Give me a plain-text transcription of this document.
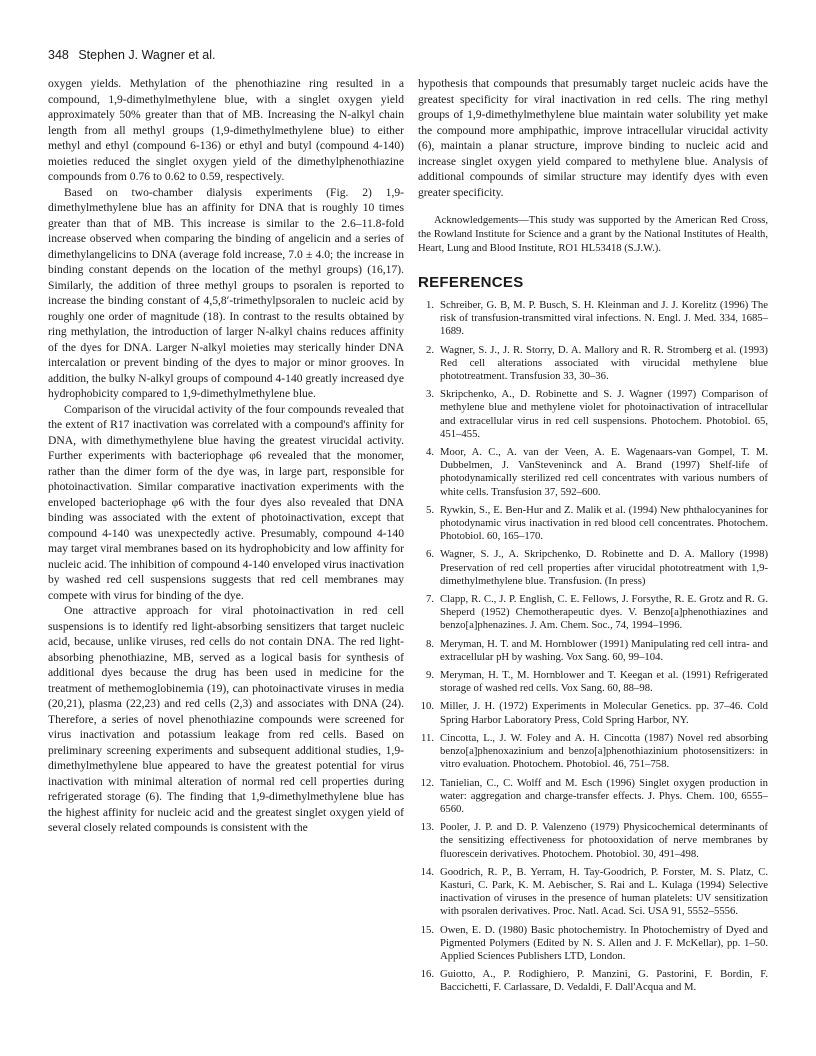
348 Stephen J. Wagner et al.

oxygen yields. Methylation of the phenothiazine ring resulted in a compound, 1,9-dimethylmethylene blue, with a singlet oxygen yield approximately 50% greater than that of MB. Increasing the N-alkyl chain length from all methyl groups (1,9-dimethylmethylene blue) to either methyl and ethyl (compound 6-136) or ethyl and butyl (compound 4-140) moieties reduced the singlet oxygen yield of the dimethylphenothiazine compounds from 0.76 to 0.62 to 0.59, respectively.

Based on two-chamber dialysis experiments (Fig. 2) 1,9-dimethylmethylene blue has an affinity for DNA that is roughly 10 times greater than that of MB. This increase is similar to the 2.6–11.8-fold increase observed when comparing the binding of angelicin and a series of dimethylangelicins to DNA (average fold increase, 7.0 ± 4.0; the increase in binding constant depends on the location of the methyl groups) (16,17). Similarly, the addition of three methyl groups to psoralen is reported to increase the binding constant of 4,5,8′-trimethylpsoralen to nucleic acid by roughly one order of magnitude (18). In contrast to the results obtained by ring methylation, the introduction of larger N-alkyl chains reduces affinity of the dyes for DNA. Larger N-alkyl moieties may sterically hinder DNA intercalation or prevent binding of the dyes to major or minor grooves. In addition, the bulky N-alkyl groups of compound 4-140 greatly increased dye hydrophobicity compared to 1,9-dimethylmethylene blue.

Comparison of the virucidal activity of the four compounds revealed that the extent of R17 inactivation was correlated with a compound's affinity for DNA, with dimethymethylene blue having the greatest virucidal activity. Further experiments with bacteriophage φ6 revealed that the monomer, rather than the dimer form of the dye was, in large part, responsible for photoinactivation. Similar comparative inactivation experiments with the enveloped bacteriophage φ6 with the four dyes also revealed that DNA binding was associated with the extent of photoinactivation, except that compound 4-140 was unexpectedly active. Presumably, compound 4-140 may target viral membranes based on its hydrophobicity and low affinity for nucleic acid. The inhibition of compound 4-140 enveloped virus inactivation by washed red cell suspensions suggests that red cell membranes may compete with virus for binding of the dye.

One attractive approach for viral photoinactivation in red cell suspensions is to identify red light-absorbing sensitizers that target nucleic acid, because, unlike viruses, red cells do not contain DNA. The red light-absorbing phenothiazine, MB, served as a logical basis for synthesis of additional dyes because the drug has been used in medicine for the treatment of methemoglobinemia (19), can photoinactivate viruses in media (20,21), plasma (22,23) and red cells (2,3) and associates with DNA (24). Therefore, a series of novel phenothiazine compounds were screened for virus inactivation and potassium leakage from red cells. Based on preliminary screening experiments and subsequent additional studies, 1,9-dimethylmethylene blue appeared to have the greatest potential for virus inactivation with minimal alteration of normal red cell properties during refrigerated storage (6). The finding that 1,9-dimethylmethylene blue has the highest affinity for nucleic acid and the greatest singlet oxygen yield of several closely related compounds is consistent with the

hypothesis that compounds that presumably target nucleic acids have the greatest specificity for viral inactivation in red cells. The ring methyl groups of 1,9-dimethylmethylene blue maintain water solubility yet make the compound more amphipathic, improve intracellular virucidal activity (6), maintain a planar structure, improve binding to nucleic acid and increase singlet oxygen yield compared to methylene blue. Analysis of additional compounds of similar structure may identify dyes with even greater specificity.

Acknowledgements—This study was supported by the American Red Cross, the Rowland Institute for Science and a grant by the National Institutes of Health, Heart, Lung and Blood Institute, RO1 HL53418 (S.J.W.).

REFERENCES
1. Schreiber, G. B, M. P. Busch, S. H. Kleinman and J. J. Korelitz (1996) The risk of transfusion-transmitted viral infections. N. Engl. J. Med. 334, 1685–1689.
2. Wagner, S. J., J. R. Storry, D. A. Mallory and R. R. Stromberg et al. (1993) Red cell alterations associated with virucidal methylene blue phototreatment. Transfusion 33, 30–36.
3. Skripchenko, A., D. Robinette and S. J. Wagner (1997) Comparison of methylene blue and methylene violet for photoinactivation of intracellular and extracellular virus in red cell suspensions. Photochem. Photobiol. 65, 451–455.
4. Moor, A. C., A. van der Veen, A. E. Wagenaars-van Gompel, T. M. Dubbelmen, J. VanSteveninck and A. Brand (1997) Shelf-life of photodynamically sterilized red cell concentrates with various numbers of white cells. Transfusion 37, 592–600.
5. Rywkin, S., E. Ben-Hur and Z. Malik et al. (1994) New phthalocyanines for photodynamic virus inactivation in red blood cell concentrates. Photochem. Photobiol. 60, 165–170.
6. Wagner, S. J., A. Skripchenko, D. Robinette and D. A. Mallory (1998) Preservation of red cell properties after virucidal phototreatment with 1,9-dimethylmethylene blue. Transfusion. (In press)
7. Clapp, R. C., J. P. English, C. E. Fellows, J. Forsythe, R. E. Grotz and R. G. Sheperd (1952) Chemotherapeutic dyes. V. Benzo[a]phenothiazines and benzo[a]phenazines. J. Am. Chem. Soc., 74, 1994–1996.
8. Meryman, H. T. and M. Hornblower (1991) Manipulating red cell intra- and extracellular pH by washing. Vox Sang. 60, 99–104.
9. Meryman, H. T., M. Hornblower and T. Keegan et al. (1991) Refrigerated storage of washed red cells. Vox Sang. 60, 88–98.
10. Miller, J. H. (1972) Experiments in Molecular Genetics. pp. 37–46. Cold Spring Harbor Laboratory Press, Cold Spring Harbor, NY.
11. Cincotta, L., J. W. Foley and A. H. Cincotta (1987) Novel red absorbing benzo[a]phenoxazinium and benzo[a]phenothiazinium photosensitizers: in vitro evaluation. Photochem. Photobiol. 46, 751–758.
12. Tanielian, C., C. Wolff and M. Esch (1996) Singlet oxygen production in water: aggregation and charge-transfer effects. J. Phys. Chem. 100, 6555–6560.
13. Pooler, J. P. and D. P. Valenzeno (1979) Physicochemical determinants of the sensitizing effectiveness for photooxidation of nerve membranes by fluorescein derivatives. Photochem. Photobiol. 30, 491–498.
14. Goodrich, R. P., B. Yerram, H. Tay-Goodrich, P. Forster, M. S. Platz, C. Kasturi, C. Park, K. M. Aebischer, S. Rai and L. Kulaga (1994) Selective inactivation of viruses in the presence of human platelets: UV sensitization with psoralen derivatives. Proc. Natl. Acad. Sci. USA 91, 5552–5556.
15. Owen, E. D. (1980) Basic photochemistry. In Photochemistry of Dyed and Pigmented Polymers (Edited by N. S. Allen and J. F. McKellar), pp. 1–50. Applied Sciences Publishers LTD, London.
16. Guiotto, A., P. Rodighiero, P. Manzini, G. Pastorini, F. Bordin, F. Baccichetti, F. Carlassare, D. Vedaldi, F. Dall'Acqua and M.
